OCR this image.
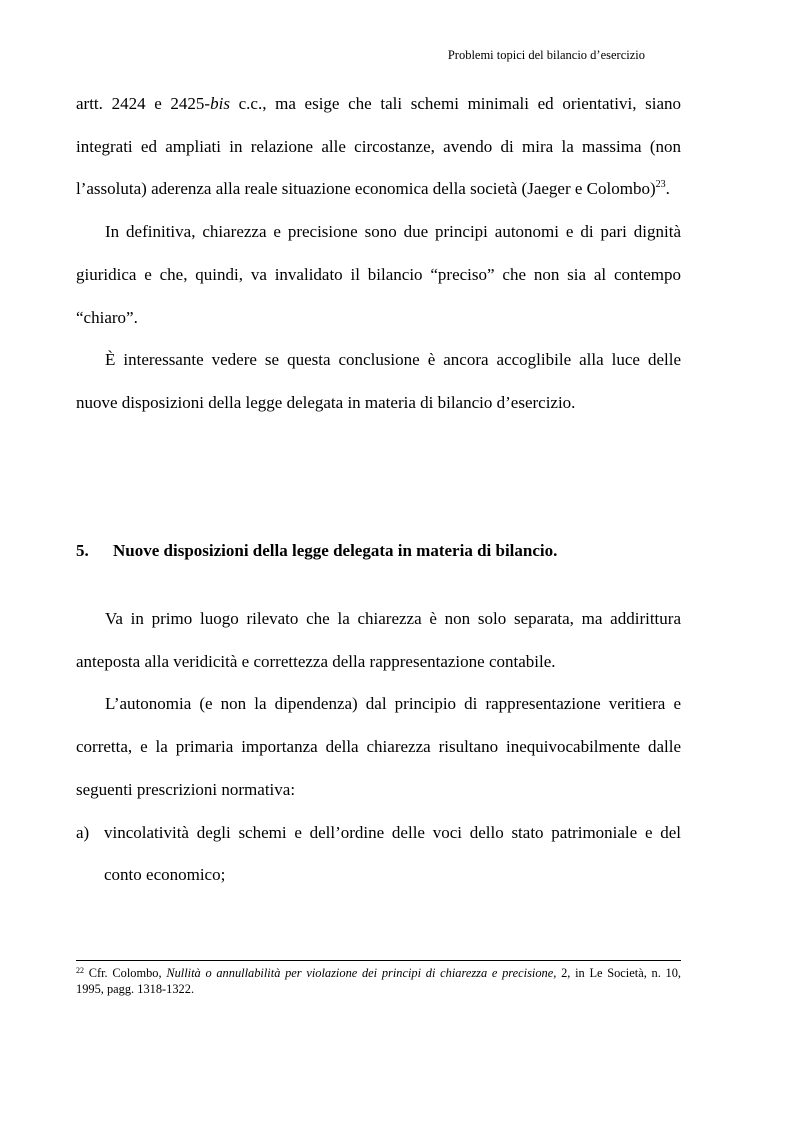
Problemi topici del bilancio d’esercizio

artt. 2424 e 2425-bis c.c., ma esige che tali schemi minimali ed orientativi, siano integrati ed ampliati in relazione alle circostanze, avendo di mira la massima (non l’assoluta) aderenza alla reale situazione economica della società (Jaeger e Colombo)$^{23}$.

In definitiva, chiarezza e precisione sono due principi autonomi e di pari dignità giuridica e che, quindi, va invalidato il bilancio “preciso” che non sia al contempo “chiaro”.

È interessante vedere se questa conclusione è ancora accoglibile alla luce delle nuove disposizioni della legge delegata in materia di bilancio d’esercizio.

5. Nuove disposizioni della legge delegata in materia di bilancio.

Va in primo luogo rilevato che la chiarezza è non solo separata, ma addirittura anteposta alla veridicità e correttezza della rappresentazione contabile.

L’autonomia (e non la dipendenza) dal principio di rappresentazione veritiera e corretta, e la primaria importanza della chiarezza risultano inequivocabilmente dalle seguenti prescrizioni normativa:

a) vincolatività degli schemi e dell’ordine delle voci dello stato patrimoniale e del conto economico;
$^{22}$ Cfr. Colombo, Nullità o annullabilità per violazione dei principi di chiarezza e precisione, 2, in Le Società, n. 10, 1995, pagg. 1318-1322.
